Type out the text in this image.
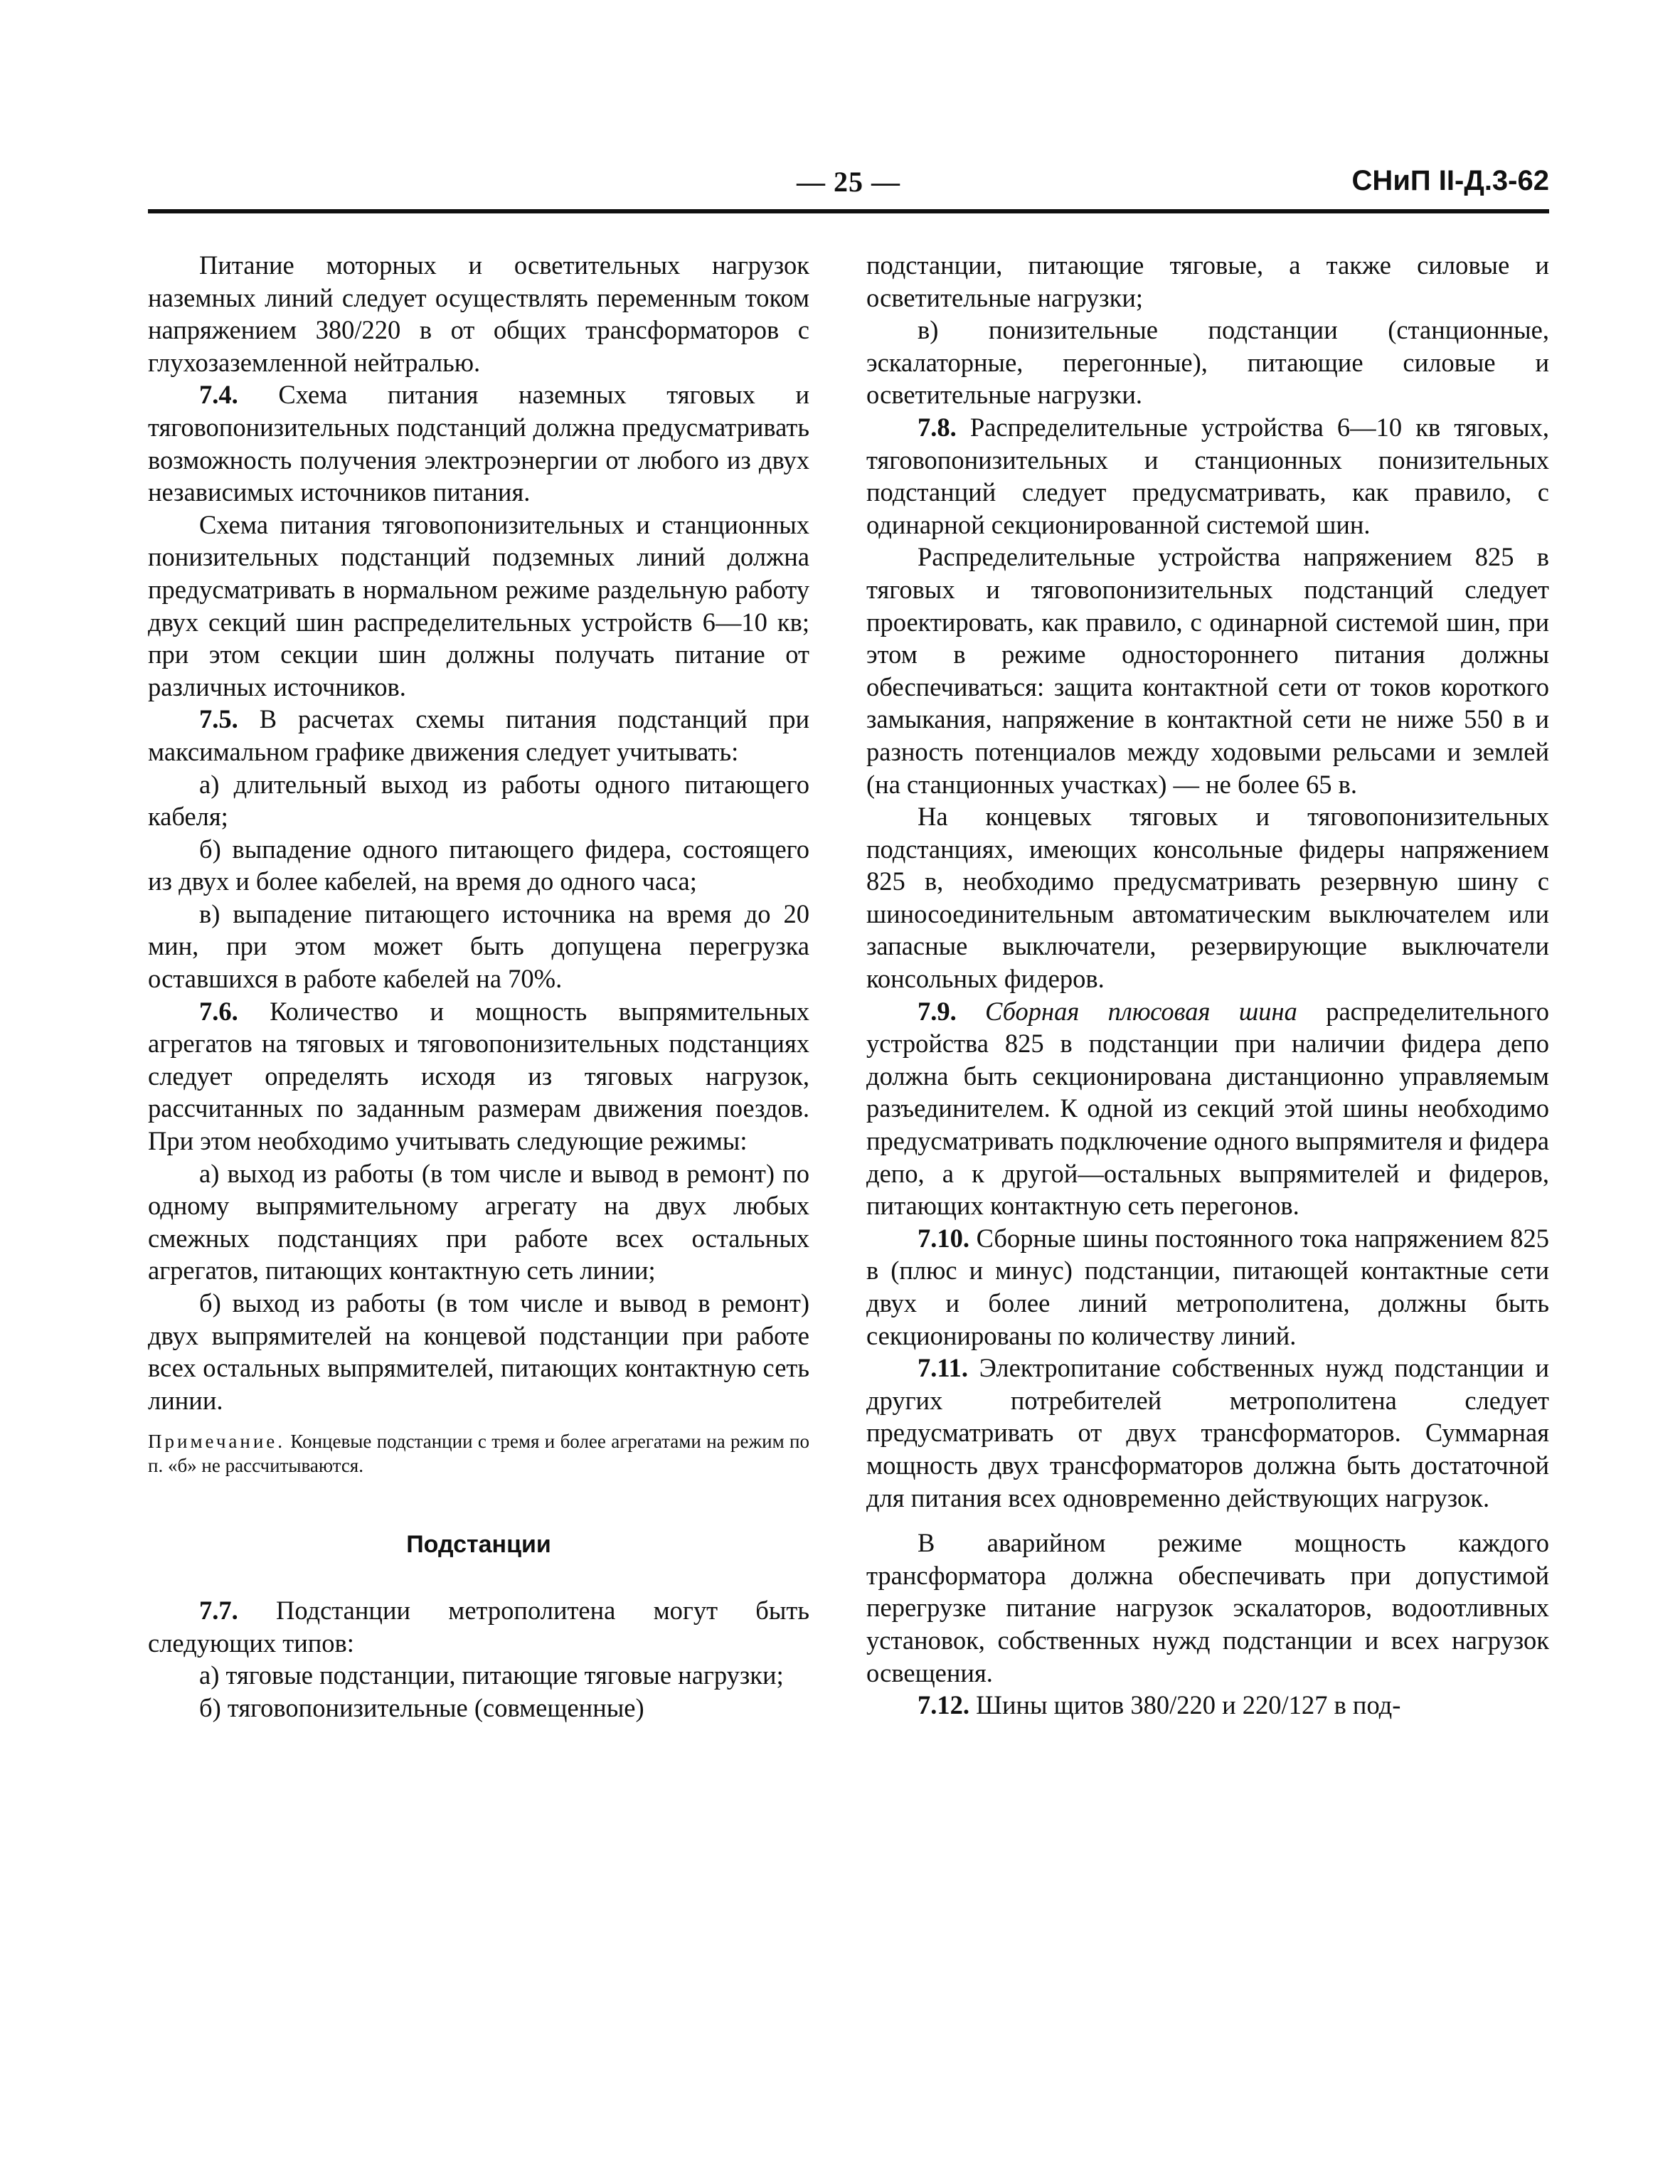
— 25 —	СНиП II-Д.3-62

Питание моторных и осветительных нагрузок наземных линий следует осуществлять переменным током напряжением 380/220 в от общих трансформаторов с глухозаземленной нейтралью.

7.4. Схема питания наземных тяговых и тяговопонизительных подстанций должна предусматривать возможность получения электроэнергии от любого из двух независимых источников питания.

Схема питания тяговопонизительных и станционных понизительных подстанций подземных линий должна предусматривать в нормальном режиме раздельную работу двух секций шин распределительных устройств 6—10 кв; при этом секции шин должны получать питание от различных источников.

7.5. В расчетах схемы питания подстанций при максимальном графике движения следует учитывать:

а) длительный выход из работы одного питающего кабеля;

б) выпадение одного питающего фидера, состоящего из двух и более кабелей, на время до одного часа;

в) выпадение питающего источника на время до 20 мин, при этом может быть допущена перегрузка оставшихся в работе кабелей на 70%.

7.6. Количество и мощность выпрямительных агрегатов на тяговых и тяговопонизительных подстанциях следует определять исходя из тяговых нагрузок, рассчитанных по заданным размерам движения поездов. При этом необходимо учитывать следующие режимы:

а) выход из работы (в том числе и вывод в ремонт) по одному выпрямительному агрегату на двух любых смежных подстанциях при работе всех остальных агрегатов, питающих контактную сеть линии;

б) выход из работы (в том числе и вывод в ремонт) двух выпрямителей на концевой подстанции при работе всех остальных выпрямителей, питающих контактную сеть линии.

Примечание. Концевые подстанции с тремя и более агрегатами на режим по п. «б» не рассчитываются.

Подстанции

7.7. Подстанции метрополитена могут быть следующих типов:

а) тяговые подстанции, питающие тяговые нагрузки;

б) тяговопонизительные (совмещенные)

подстанции, питающие тяговые, а также силовые и осветительные нагрузки;

в) понизительные подстанции (станционные, эскалаторные, перегонные), питающие силовые и осветительные нагрузки.

7.8. Распределительные устройства 6—10 кв тяговых, тяговопонизительных и станционных понизительных подстанций следует предусматривать, как правило, с одинарной секционированной системой шин.

Распределительные устройства напряжением 825 в тяговых и тяговопонизительных подстанций следует проектировать, как правило, с одинарной системой шин, при этом в режиме одностороннего питания должны обеспечиваться: защита контактной сети от токов короткого замыкания, напряжение в контактной сети не ниже 550 в и разность потенциалов между ходовыми рельсами и землей (на станционных участках) — не более 65 в.

На концевых тяговых и тяговопонизительных подстанциях, имеющих консольные фидеры напряжением 825 в, необходимо предусматривать резервную шину с шиносоединительным автоматическим выключателем или запасные выключатели, резервирующие выключатели консольных фидеров.

7.9. Сборная плюсовая шина распределительного устройства 825 в подстанции при наличии фидера депо должна быть секционирована дистанционно управляемым разъединителем. К одной из секций этой шины необходимо предусматривать подключение одного выпрямителя и фидера депо, а к другой—остальных выпрямителей и фидеров, питающих контактную сеть перегонов.

7.10. Сборные шины постоянного тока напряжением 825 в (плюс и минус) подстанции, питающей контактные сети двух и более линий метрополитена, должны быть секционированы по количеству линий.

7.11. Электропитание собственных нужд подстанции и других потребителей метрополитена следует предусматривать от двух трансформаторов. Суммарная мощность двух трансформаторов должна быть достаточной для питания всех одновременно действующих нагрузок.

В аварийном режиме мощность каждого трансформатора должна обеспечивать при допустимой перегрузке питание нагрузок эскалаторов, водоотливных установок, собственных нужд подстанции и всех нагрузок освещения.

7.12. Шины щитов 380/220 и 220/127 в под-
